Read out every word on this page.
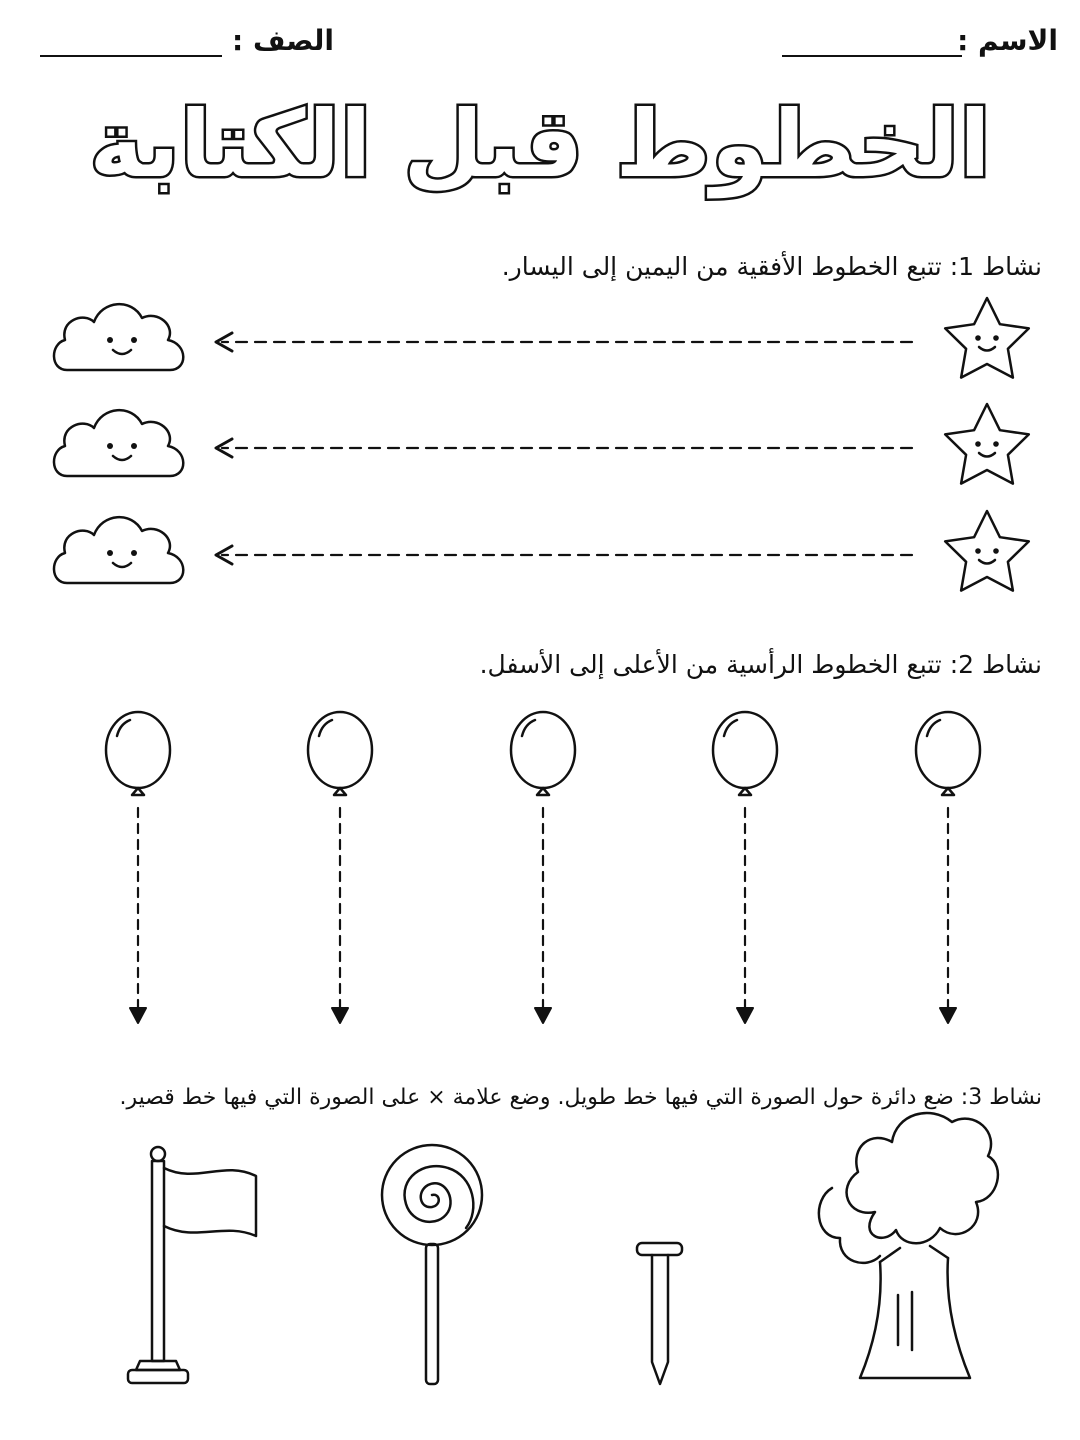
الاسم :
الصف :
الخطوط قبل الكتابة
نشاط 1: تتبع الخطوط الأفقية من اليمين إلى اليسار.
نشاط 2: تتبع الخطوط الرأسية من الأعلى إلى الأسفل.
نشاط 3: ضع دائرة حول الصورة التي فيها خط طويل. وضع علامة × على الصورة التي فيها خط قصير.
